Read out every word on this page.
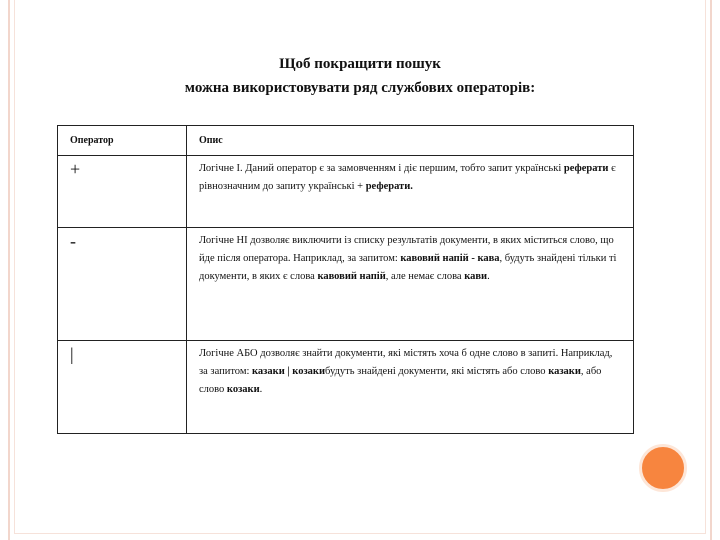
Щоб покращити пошук
можна використовувати ряд службових операторів:
Оператор	Опис
+	Логічне І. Даний оператор є за замовченням і діє першим, тобто запит українські реферати є рівнозначним до запиту українські + реферати.
-	Логічне НІ дозволяє виключити із списку результатів документи, в яких міститься слово, що йде після оператора. Наприклад, за запитом: кавовий напій - кава, будуть знайдені тільки ті документи, в яких є слова кавовий напій, але немає слова кави.
|	Логічне АБО дозволяє знайти документи, які містять хоча б одне слово в запиті. Наприклад, за запитом: казаки | козакибудуть знайдені документи, які містять або слово казаки, або слово козаки.
